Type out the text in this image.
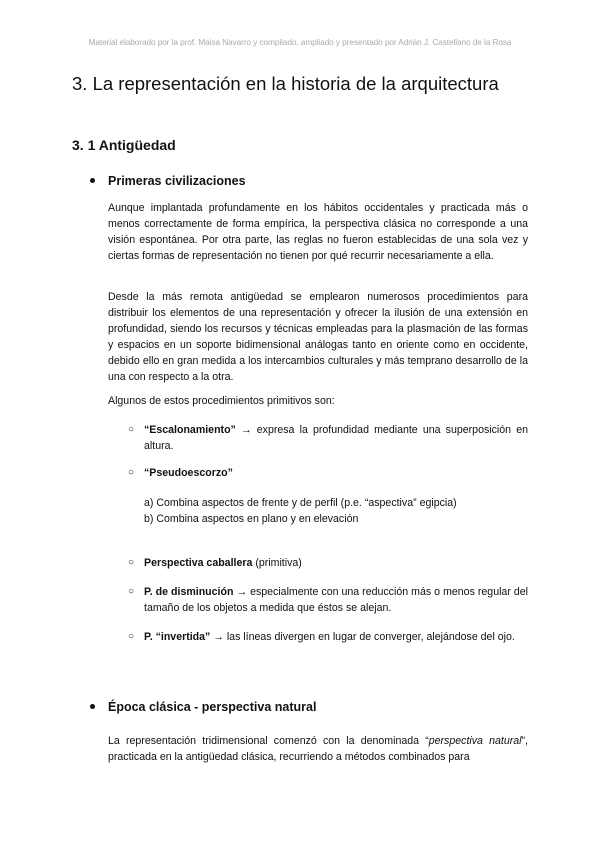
Material elaborado por la prof. Maisa Navarro y compilado, ampliado y presentado por Adrián J. Castellano de la Rosa
3. La representación en la historia de la arquitectura
3. 1 Antigüedad
Primeras civilizaciones
Aunque implantada profundamente en los hábitos occidentales y practicada más o menos correctamente de forma empírica, la perspectiva clásica no corresponde a una visión espontánea. Por otra parte, las reglas no fueron establecidas de una sola vez y ciertas formas de representación no tienen por qué recurrir necesariamente a ella.
Desde la más remota antigüedad se emplearon numerosos procedimientos para distribuir los elementos de una representación y ofrecer la ilusión de una extensión en profundidad, siendo los recursos y técnicas empleadas para la plasmación de las formas y espacios en un soporte bidimensional análogas tanto en oriente como en occidente, debido ello en gran medida a los intercambios culturales y más temprano desarrollo de la una con respecto a la otra.
Algunos de estos procedimientos primitivos son:
○ “Escalonamiento” → expresa la profundidad mediante una superposición en altura.
○ “Pseudoescorzo”
a) Combina aspectos de frente y de perfil (p.e. “aspectiva” egipcia)
b) Combina aspectos en plano y en elevación
○ Perspectiva caballera (primitiva)
○ P. de disminución → especialmente con una reducción más o menos regular del tamaño de los objetos a medida que éstos se alejan.
○ P. “invertida” → las líneas divergen en lugar de converger, alejándose del ojo.
Época clásica - perspectiva natural
La representación tridimensional comenzó con la denominada “perspectiva natural”, practicada en la antigüedad clásica, recurriendo a métodos combinados para
